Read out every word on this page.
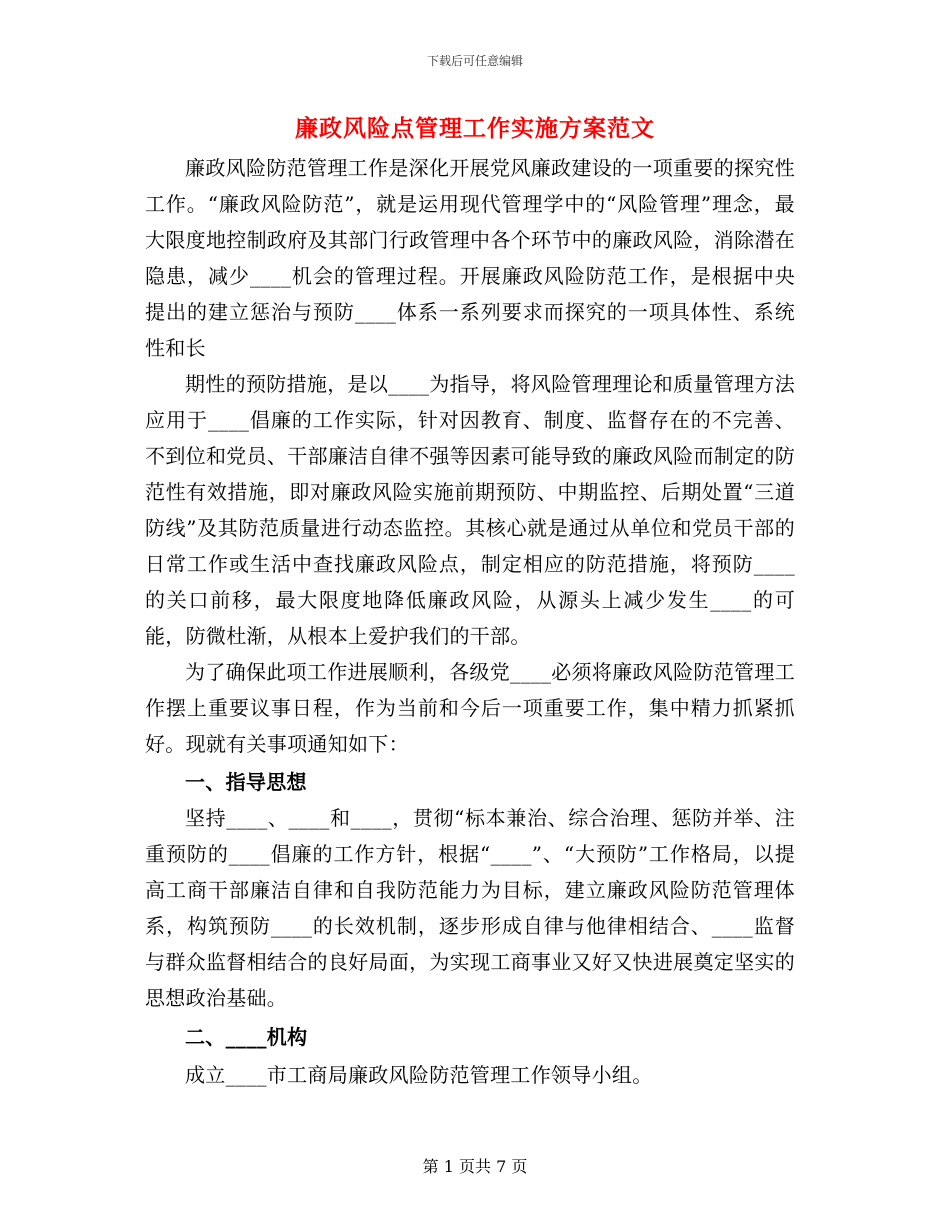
下载后可任意编辑
廉政风险点管理工作实施方案范文

廉政风险防范管理工作是深化开展党风廉政建设的一项重要的探究性工作。“廉政风险防范”，就是运用现代管理学中的“风险管理”理念，最大限度地控制政府及其部门行政管理中各个环节中的廉政风险，消除潜在隐患，减少____机会的管理过程。开展廉政风险防范工作，是根据中央提出的建立惩治与预防____体系一系列要求而探究的一项具体性、系统性和长

期性的预防措施，是以____为指导，将风险管理理论和质量管理方法应用于____倡廉的工作实际，针对因教育、制度、监督存在的不完善、不到位和党员、干部廉洁自律不强等因素可能导致的廉政风险而制定的防范性有效措施，即对廉政风险实施前期预防、中期监控、后期处置“三道防线”及其防范质量进行动态监控。其核心就是通过从单位和党员干部的日常工作或生活中查找廉政风险点，制定相应的防范措施，将预防____的关口前移，最大限度地降低廉政风险，从源头上减少发生____的可能，防微杜渐，从根本上爱护我们的干部。

为了确保此项工作进展顺利，各级党____必须将廉政风险防范管理工作摆上重要议事日程，作为当前和今后一项重要工作，集中精力抓紧抓好。现就有关事项通知如下：

一、指导思想

坚持____、____和____，贯彻“标本兼治、综合治理、惩防并举、注重预防的____倡廉的工作方针，根据“____”、“大预防”工作格局，以提高工商干部廉洁自律和自我防范能力为目标，建立廉政风险防范管理体系，构筑预防____的长效机制，逐步形成自律与他律相结合、____监督与群众监督相结合的良好局面，为实现工商事业又好又快进展奠定坚实的思想政治基础。

二、____机构

成立____市工商局廉政风险防范管理工作领导小组。

第 1 页共 7 页
